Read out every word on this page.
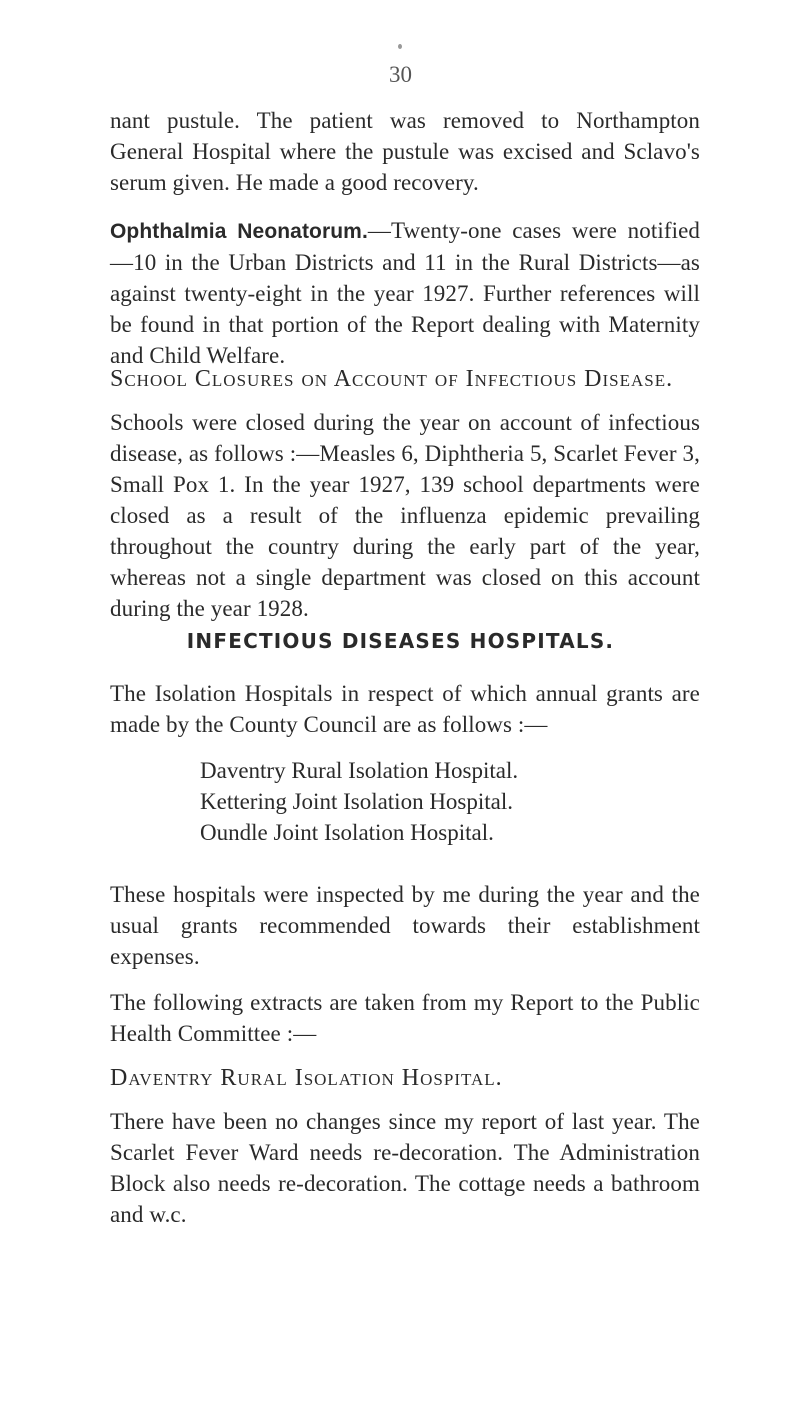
30

nant pustule. The patient was removed to Northampton General Hospital where the pustule was excised and Sclavo's serum given. He made a good recovery.

Ophthalmia Neonatorum.—Twenty-one cases were notified —10 in the Urban Districts and 11 in the Rural Districts—as against twenty-eight in the year 1927. Further references will be found in that portion of the Report dealing with Maternity and Child Welfare.

School Closures on Account of Infectious Disease.

Schools were closed during the year on account of infectious disease, as follows :—Measles 6, Diphtheria 5, Scarlet Fever 3, Small Pox 1. In the year 1927, 139 school departments were closed as a result of the influenza epidemic prevailing throughout the country during the early part of the year, whereas not a single department was closed on this account during the year 1928.

INFECTIOUS DISEASES HOSPITALS.

The Isolation Hospitals in respect of which annual grants are made by the County Council are as follows :—

Daventry Rural Isolation Hospital.
Kettering Joint Isolation Hospital.
Oundle Joint Isolation Hospital.

These hospitals were inspected by me during the year and the usual grants recommended towards their establishment expenses.

The following extracts are taken from my Report to the Public Health Committee :—

Daventry Rural Isolation Hospital.

There have been no changes since my report of last year. The Scarlet Fever Ward needs re-decoration. The Administration Block also needs re-decoration. The cottage needs a bathroom and w.c.
